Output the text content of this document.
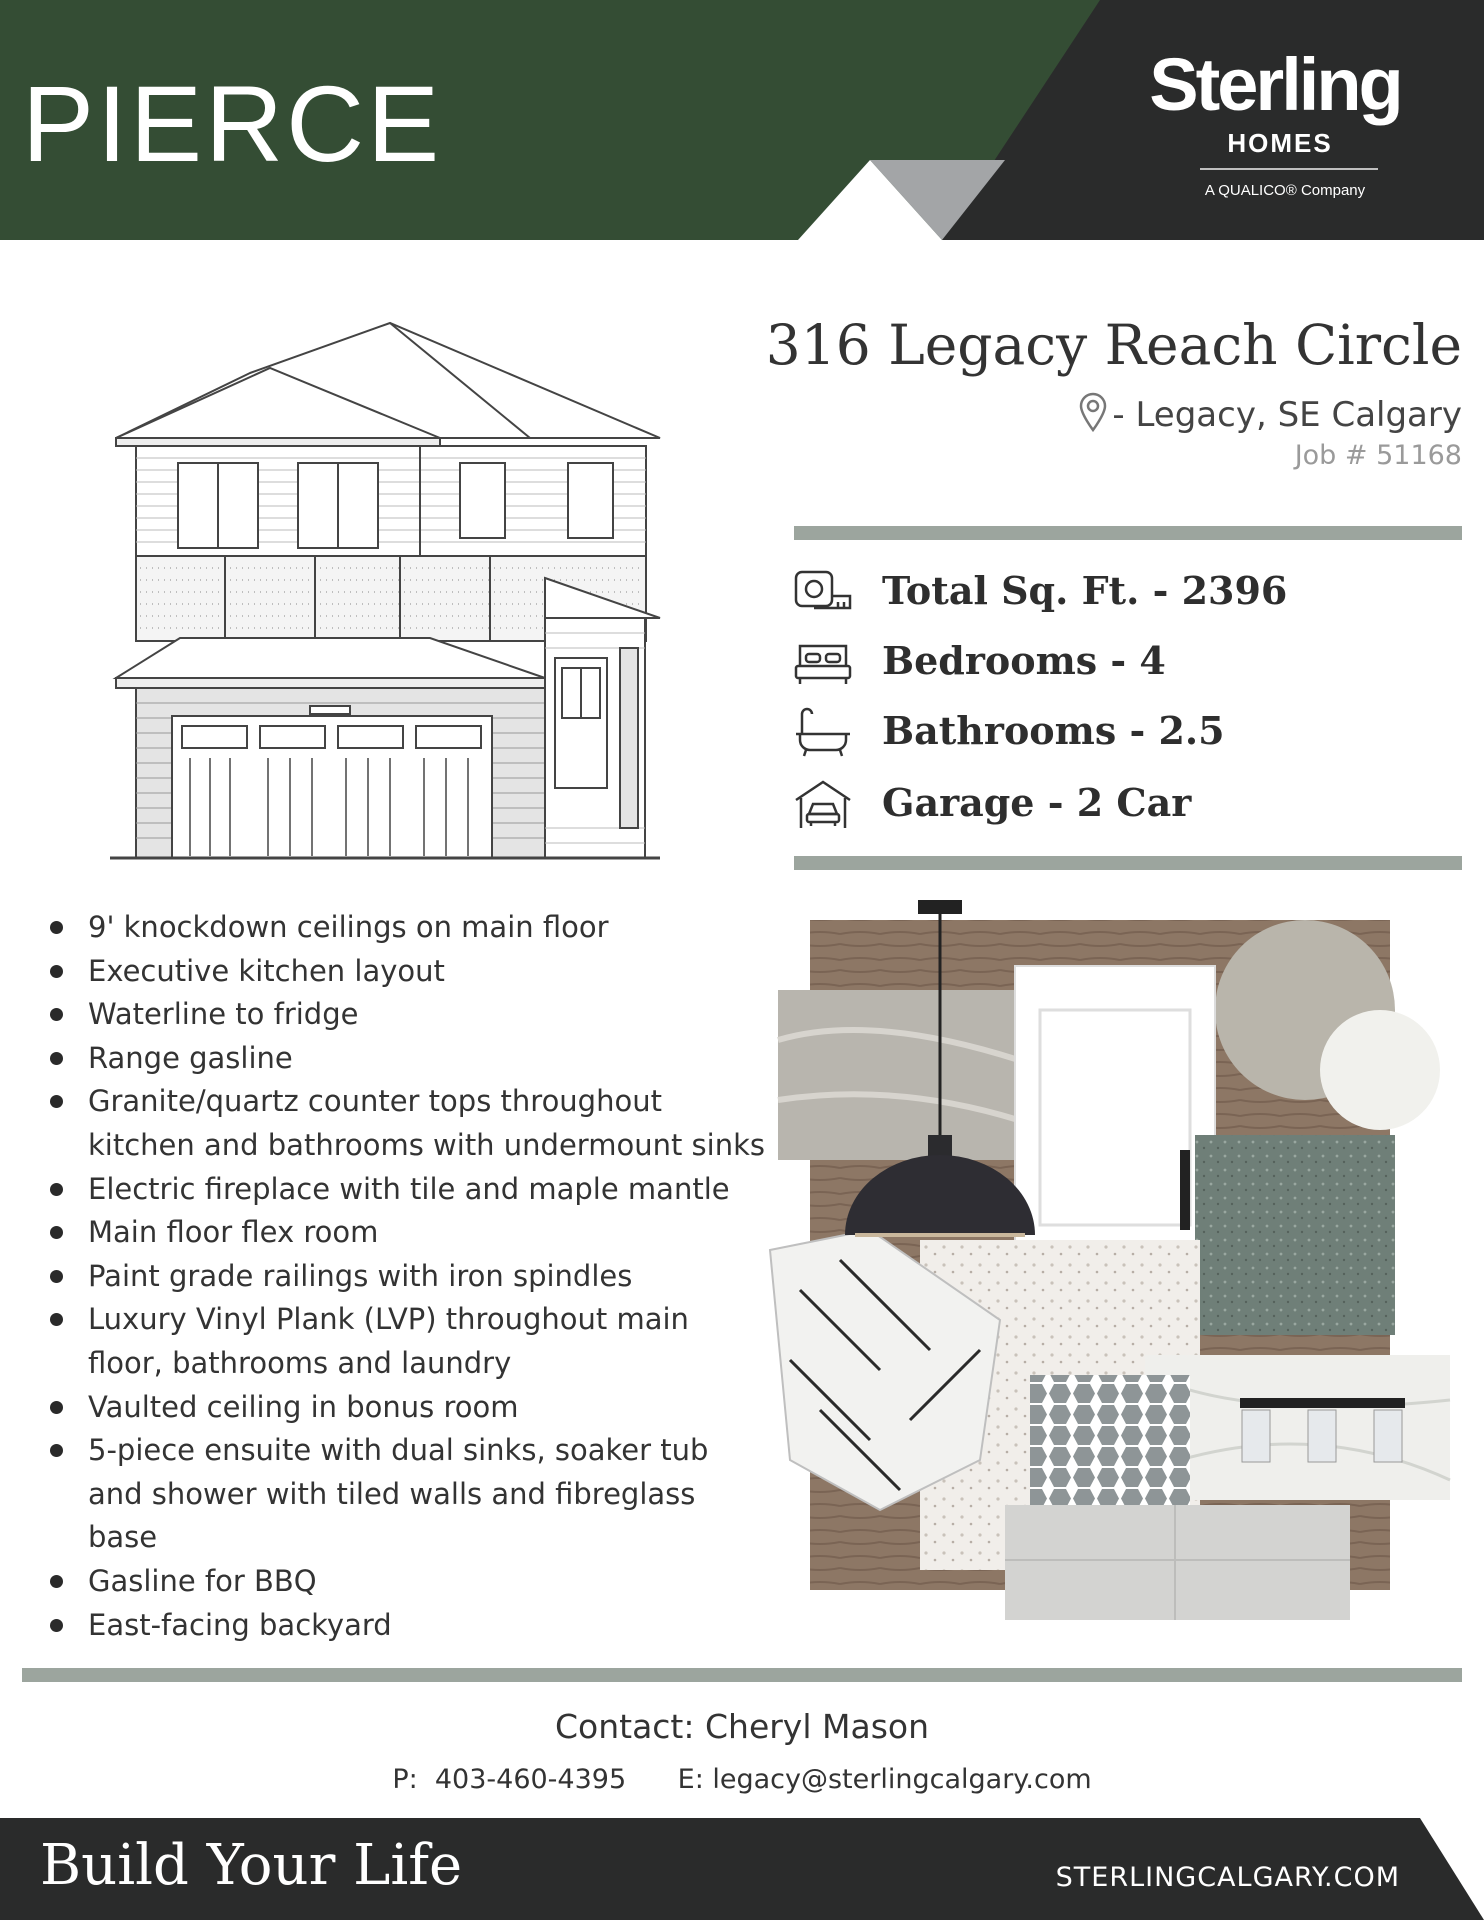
PIERCE	Sterling
HOMES
A QUALICO® Company
316 Legacy Reach Circle
- Legacy, SE Calgary
Job # 51168
Total Sq. Ft. - 2396
Bedrooms - 4
Bathrooms - 2.5
Garage - 2 Car
9' knockdown ceilings on main floor
Executive kitchen layout
Waterline to fridge
Range gasline
Granite/quartz counter tops throughout
kitchen and bathrooms with undermount sinks
Electric fireplace with tile and maple mantle
Main floor flex room
Paint grade railings with iron spindles
Luxury Vinyl Plank (LVP) throughout main
floor, bathrooms and laundry
Vaulted ceiling in bonus room
5-piece ensuite with dual sinks, soaker tub
and shower with tiled walls and fibreglass
base
Gasline for BBQ
East-facing backyard
Contact: Cheryl Mason
P:  403-460-4395      E: legacy@sterlingcalgary.com
Build Your Life	STERLINGCALGARY.COM
